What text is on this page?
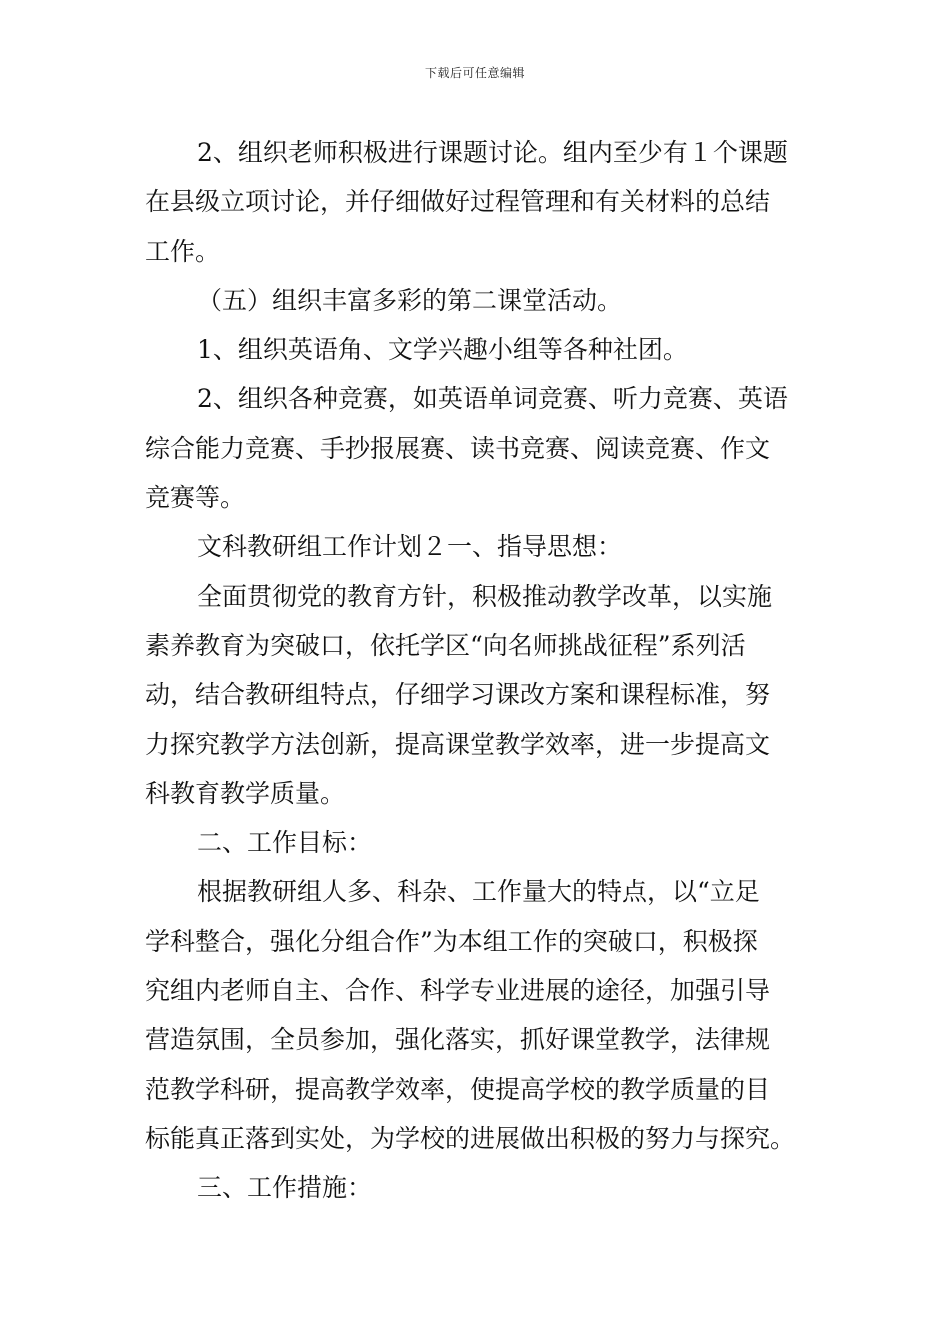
下载后可任意编辑
2、组织老师积极进行课题讨论。组内至少有１个课题
在县级立项讨论，并仔细做好过程管理和有关材料的总结
工作。
（五）组织丰富多彩的第二课堂活动。
1、组织英语角、文学兴趣小组等各种社团。
2、组织各种竞赛，如英语单词竞赛、听力竞赛、英语
综合能力竞赛、手抄报展赛、读书竞赛、阅读竞赛、作文
竞赛等。
文科教研组工作计划２一、指导思想：
全面贯彻党的教育方针，积极推动教学改革，以实施
素养教育为突破口，依托学区“向名师挑战征程”系列活
动，结合教研组特点，仔细学习课改方案和课程标准，努
力探究教学方法创新，提高课堂教学效率，进一步提高文
科教育教学质量。
二、工作目标：
根据教研组人多、科杂、工作量大的特点，以“立足
学科整合，强化分组合作”为本组工作的突破口，积极探
究组内老师自主、合作、科学专业进展的途径，加强引导
营造氛围，全员参加，强化落实，抓好课堂教学，法律规
范教学科研，提高教学效率，使提高学校的教学质量的目
标能真正落到实处，为学校的进展做出积极的努力与探究。
三、工作措施：
